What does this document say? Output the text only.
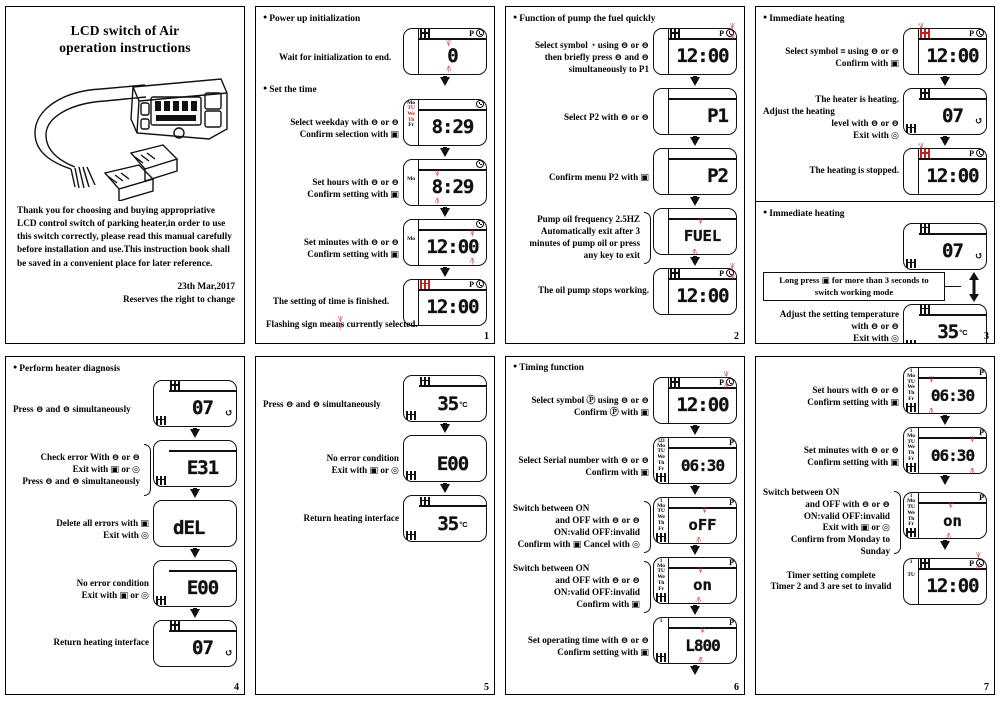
LCD switch of Air
operation instructions
Thank you for choosing and buying appropriative LCD control switch of parking heater,in order to use this switch correctly, please read this manual carefully before installation and use.This instruction book shall be saved in a convenient place for later reference.
23th Mar,2017
Reserves the right to change
● Power up initialization
Wait for initialization to end.
P
\|/
0
/|\
● Set the time
Select weekday with ⊖ or ⊖
Confirm selection with ▣
Mo
TU
We
Th
Fr 8:29
Set hours with ⊖ or ⊖
Confirm setting with ▣
Mo
\|/ 8:29
/|\
Set minutes with ⊖ or ⊖
Confirm setting with ▣
Mo
\|/ 12:00
/|\
The setting of time is finished.
P
12:00
Flashing sign means currently selected.
\|/
/|\
1
● Function of pump the fuel quickly
Select symbol ◔ using ⊖ or ⊖
then briefly press ⊖ and ⊖
simultaneously to P1
P
\|/
/|\
12:00
Select P2 with ⊖ or ⊖	P1
Confirm menu P2 with ▣	P2
Pump oil frequency 2.5HZ
Automatically exit after 3
minutes of pump oil or press
any key to exit
\|/
FUEL
/|\
The oil pump stops working.
P
\|/
/|\
12:00
2
● Immediate heating
Select symbol ≡ using ⊖ or ⊖
Confirm with ▣
\|/
P
12:00
The heater is heating.
Adjust the heating
level with ⊖ or ⊖
Exit with ◎
07 ↺
The heating is stopped.
\|/
P
12:00
● Immediate heating
07 ↺
Long press ▣ for more than 3 seconds to switch working mode
Adjust the setting temperature
with ⊖ or ⊖
Exit with ◎ 35 °C 3
● Perform heater diagnosis
Press ⊖ and ⊖ simultaneously	07 ↺
Check error With ⊖ or ⊖
Exit with ▣ or ◎
Press ⊖ and ⊖ simultaneously
E31
Delete all errors with ▣
Exit with ◎ dEL
No error condition
Exit with ▣ or ◎ E00
Return heating interface 07 ↺
4
Press ⊖ and ⊖ simultaneously	35 °C
No error condition
Exit with ▣ or ◎ E00
Return heating interface 35 °C
5
● Timing function
Select symbol Ⓟ using ⊖ or ⊖
Confirm Ⓟ with ▣
P
\|/
/|\
12:00
Select Serial number with ⊖ or ⊖
Confirm with ▣
123
Mo
TU
We
Th
Fr
P
06:30
Switch between ON
and OFF with ⊖ or ⊖
ON:valid OFF:invalid
Confirm with ▣ Cancel with ◎
1
Mo
TU
We
Th
Fr
P
\|/
oFF
/|\
Switch between ON
and OFF with ⊖ or ⊖
ON:valid OFF:invalid
Confirm with ▣
1
Mo
TU
We
Th
Fr
P
\|/
on
/|\
Set operating time with ⊖ or ⊖
Confirm setting with ▣
1	P
\|/
L800
/|\
6
Set hours with ⊖ or ⊖
Confirm setting with ▣
1
Mo
TU
We
Th
Fr
P
\|/
06:30
/|\
Set minutes with ⊖ or ⊖
Confirm setting with ▣
1
Mo
TU
We
Th
Fr
P
\|/
06:30
/|\
Switch between ON
and OFF with ⊖ or ⊖
ON:valid OFF:invalid
Exit with ▣ or ◎
Confirm from Monday to Sunday
1
Mo
TU
We
Th
Fr
P
\|/
on
/|\
Timer setting complete
Timer 2 and 3 are set to invalid
1
TU
P
\|/
/|\
12:00
7
